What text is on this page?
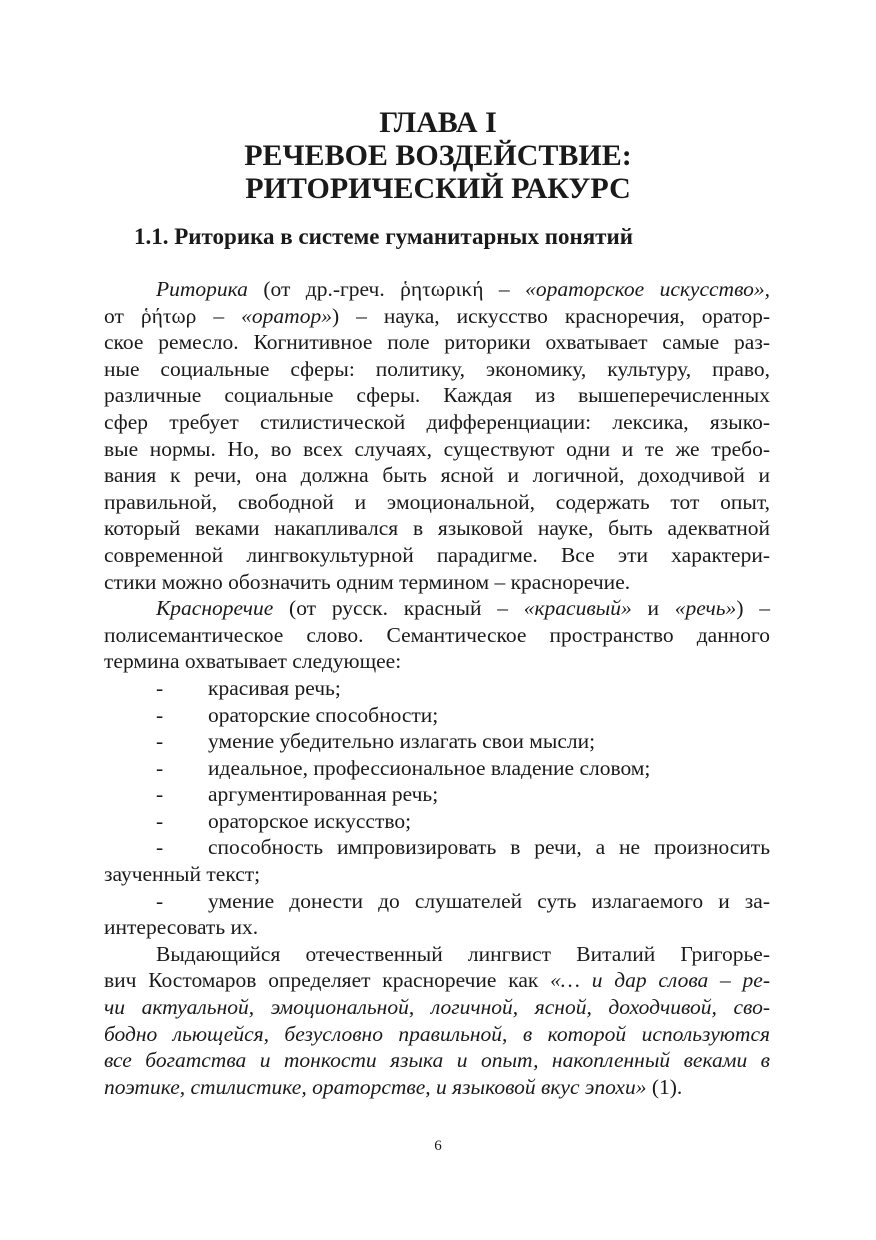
ГЛАВА I
РЕЧЕВОЕ ВОЗДЕЙСТВИЕ:
РИТОРИЧЕСКИЙ РАКУРС
1.1. Риторика в системе гуманитарных понятий
Риторика (от др.-греч. ῥητωρική – «ораторское искусство»,
от ῥήτωρ – «оратор») – наука, искусство красноречия, оратор-
ское ремесло. Когнитивное поле риторики охватывает самые раз-
ные социальные сферы: политику, экономику, культуру, право,
различные социальные сферы. Каждая из вышеперечисленных
сфер требует стилистической дифференциации: лексика, языко-
вые нормы. Но, во всех случаях, существуют одни и те же требо-
вания к речи, она должна быть ясной и логичной, доходчивой и
правильной, свободной и эмоциональной, содержать тот опыт,
который веками накапливался в языковой науке, быть адекватной
современной лингвокультурной парадигме. Все эти характери-
стики можно обозначить одним термином – красноречие.
Красноречие (от русск. красный – «красивый» и «речь») –
полисемантическое слово. Семантическое пространство данного
термина охватывает следующее:
-	красивая речь;
-	ораторские способности;
-	умение убедительно излагать свои мысли;
-	идеальное, профессиональное владение словом;
-	аргументированная речь;
-	ораторское искусство;
-	способность импровизировать в речи, а не произносить
заученный текст;
-	умение донести до слушателей суть излагаемого и за-
интересовать их.
Выдающийся отечественный лингвист Виталий Григорье-
вич Костомаров определяет красноречие как «… и дар слова – ре-
чи актуальной, эмоциональной, логичной, ясной, доходчивой, сво-
бодно льющейся, безусловно правильной, в которой используются
все богатства и тонкости языка и опыт, накопленный веками в
поэтике, стилистике, ораторстве, и языковой вкус эпохи» (1).
6
